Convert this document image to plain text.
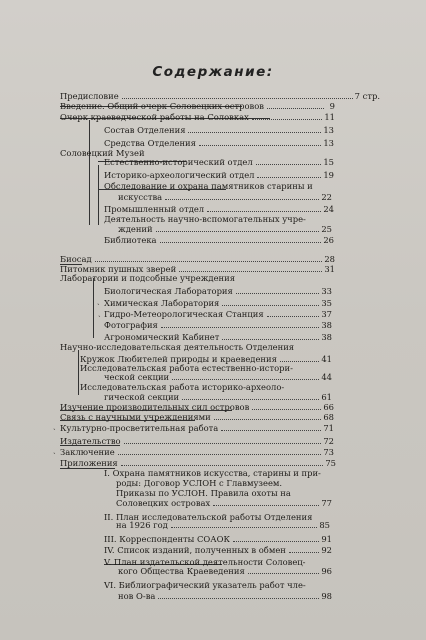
Содержание:
ˎ
ˎ
ˏ
ˏ
Предисловие	7 стр.
Введение. Общий очерк Соловецких островов	9
Очерк краеведческой работы на Соловках	11
Состав Отделения	13
Средства Отделения	13
Соловецкий Музей
Естественно-исторический отдел	15
Историко-археологический отдел	19
Обследование и охрана памятников старины и
искусства	22
Промышленный отдел	24
Деятельность научно-вспомогательных учре-
ждений	25
Библиотека	26
Биосад	28
Питомник пушных зверей	31
Лаборатории и подсобные учреждения
Биологическая Лаборатория	33
Химическая Лаборатория	35
Гидро-Метеорологическая Станция	37
Фотография	38
Агрономический Кабинет	38
Научно-исследовательская деятельность Отделения
Кружок Любителей природы и краеведения	41
Исследовательская работа естественно-истори-
ческой секции	44
Исследовательская работа историко-археоло-
гической секции	61
Изучение производительных сил островов	66
Связь с научными учреждениями	68
Культурно-просветительная работа	71
Издательство	72
Заключение	73
Приложения	75
I. Охрана памятников искусства, старины и при-
роды: Договор УСЛОН с Главмузеем.
Приказы по УСЛОН. Правила охоты на
Соловецких островах	77
II. План исследовательской работы Отделения
на 1926 год	85
III. Корреспонденты СОАОК	91
IV. Список изданий, полученных в обмен	92
V. План издательской деятельности Соловец-
кого Общества Краеведения	96
VI. Библиографический указатель работ чле-
нов О-ва	98
